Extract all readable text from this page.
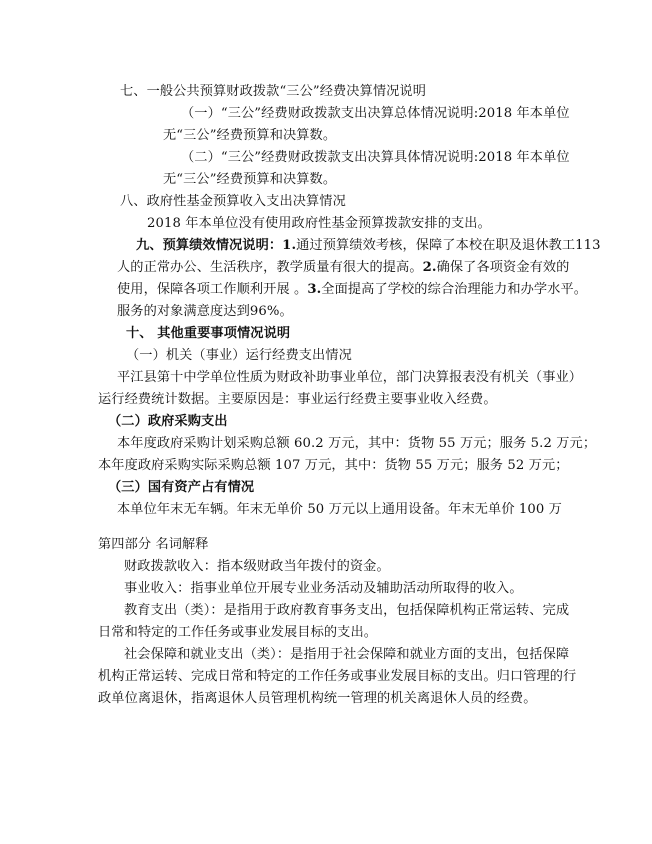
七、一般公共预算财政拨款“三公”经费决算情况说明
（一）“三公”经费财政拨款支出决算总体情况说明:2018 年本单位
无“三公”经费预算和决算数。
（二）“三公”经费财政拨款支出决算具体情况说明:2018 年本单位
无“三公”经费预算和决算数。
八、政府性基金预算收入支出决算情况
2018 年本单位没有使用政府性基金预算拨款安排的支出。
九、预算绩效情况说明：1.通过预算绩效考核，保障了本校在职及退休教工113
人的正常办公、生活秩序，教学质量有很大的提高。2.确保了各项资金有效的
使用，保障各项工作顺利开展 。3.全面提高了学校的综合治理能力和办学水平。
服务的对象满意度达到96%。
十、 其他重要事项情况说明
（一）机关（事业）运行经费支出情况
平江县第十中学单位性质为财政补助事业单位，部门决算报表没有机关（事业）
运行经费统计数据。主要原因是：事业运行经费主要事业收入经费。
（二）政府采购支出
本年度政府采购计划采购总额 60.2 万元，其中：货物 55 万元；服务 5.2 万元；
本年度政府采购实际采购总额 107 万元，其中：货物 55 万元；服务 52 万元；
（三）国有资产占有情况
本单位年末无车辆。年末无单价 50 万元以上通用设备。年末无单价 100 万
第四部分 名词解释
财政拨款收入：指本级财政当年拨付的资金。
事业收入：指事业单位开展专业业务活动及辅助活动所取得的收入。
教育支出（类）：是指用于政府教育事务支出，包括保障机构正常运转、完成
日常和特定的工作任务或事业发展目标的支出。
社会保障和就业支出（类）：是指用于社会保障和就业方面的支出，包括保障
机构正常运转、完成日常和特定的工作任务或事业发展目标的支出。归口管理的行
政单位离退休，指离退休人员管理机构统一管理的机关离退休人员的经费。
